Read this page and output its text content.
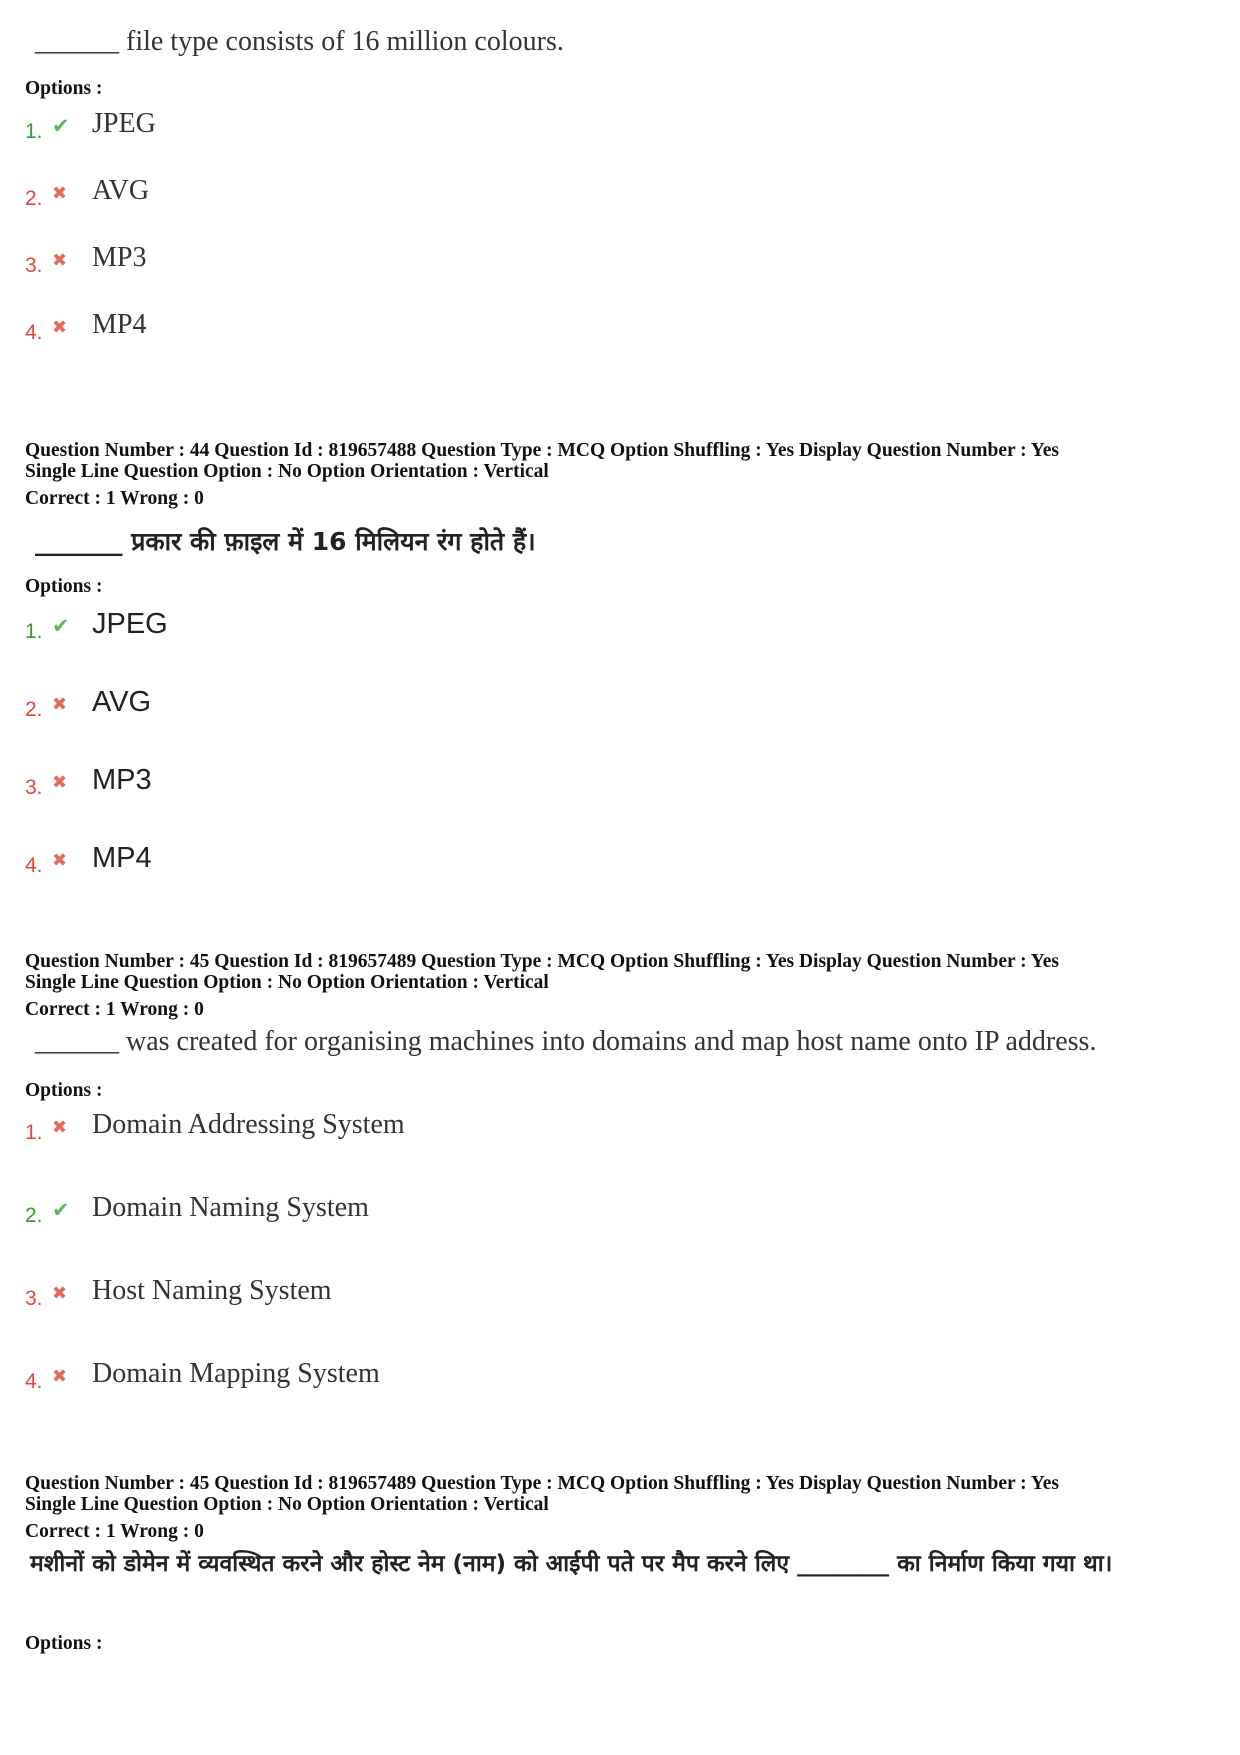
______ file type consists of 16 million colours.
Options :
1. ✔ JPEG
2. ✖ AVG
3. ✖ MP3
4. ✖ MP4
Question Number : 44 Question Id : 819657488 Question Type : MCQ Option Shuffling : Yes Display Question Number : Yes
Single Line Question Option : No Option Orientation : Vertical
Correct : 1 Wrong : 0
_______ प्रकार की फ़ाइल में 16 मिलियन रंग होते हैं।
Options :
1. ✔ JPEG
2. ✖ AVG
3. ✖ MP3
4. ✖ MP4
Question Number : 45 Question Id : 819657489 Question Type : MCQ Option Shuffling : Yes Display Question Number : Yes
Single Line Question Option : No Option Orientation : Vertical
Correct : 1 Wrong : 0
______ was created for organising machines into domains and map host name onto IP address.
Options :
1. ✖ Domain Addressing System
2. ✔ Domain Naming System
3. ✖ Host Naming System
4. ✖ Domain Mapping System
Question Number : 45 Question Id : 819657489 Question Type : MCQ Option Shuffling : Yes Display Question Number : Yes
Single Line Question Option : No Option Orientation : Vertical
Correct : 1 Wrong : 0
मशीनों को डोमेन में व्यवस्थित करने और होस्ट नेम (नाम) को आईपी पते पर मैप करने लिए ________ का निर्माण किया गया था।
Options :
